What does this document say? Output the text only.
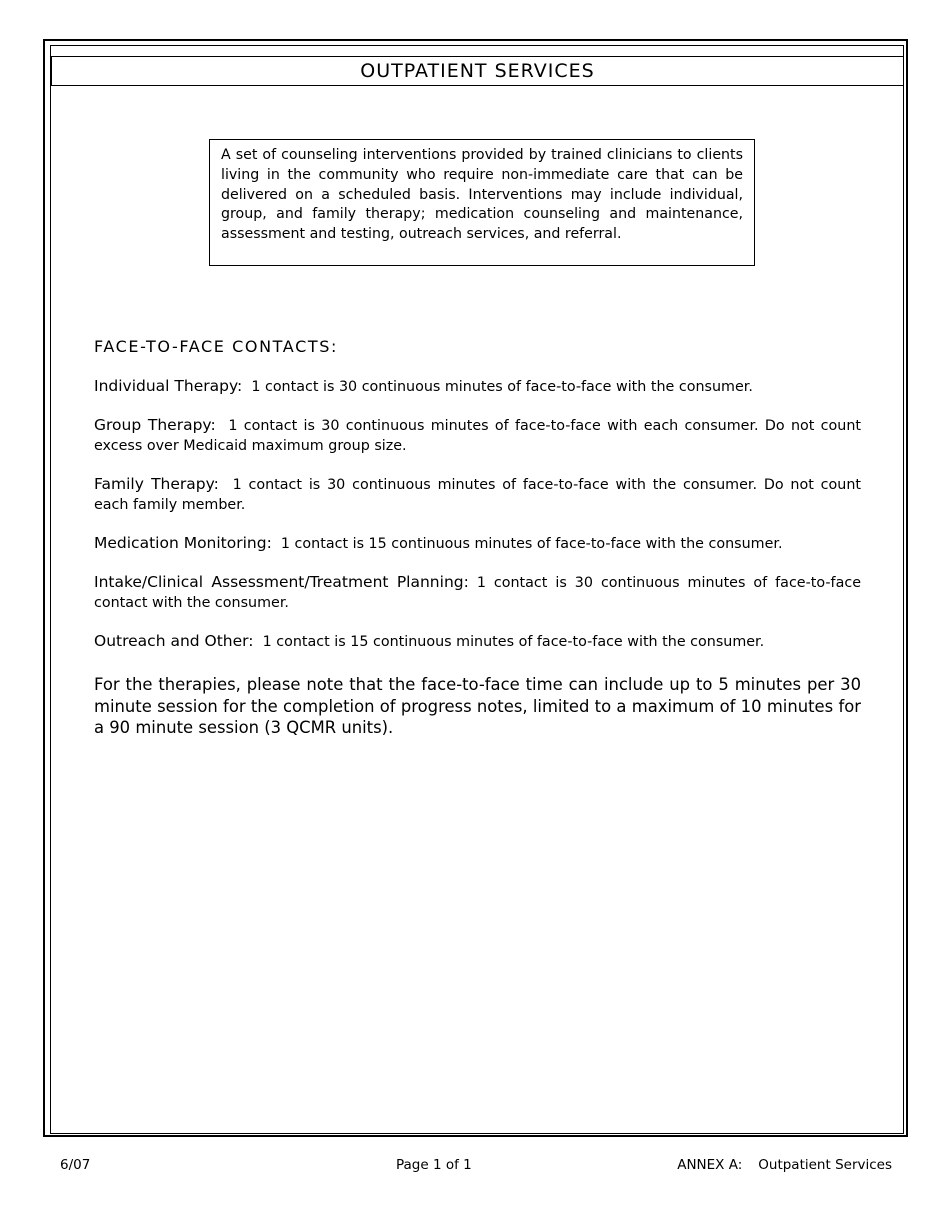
OUTPATIENT SERVICES
A set of counseling interventions provided by trained clinicians to clients living in the community who require non-immediate care that can be delivered on a scheduled basis. Interventions may include individual, group, and family therapy; medication counseling and maintenance, assessment and testing, outreach services, and referral.
FACE-TO-FACE CONTACTS:
Individual Therapy: 1 contact is 30 continuous minutes of face-to-face with the consumer.
Group Therapy: 1 contact is 30 continuous minutes of face-to-face with each consumer. Do not count excess over Medicaid maximum group size.
Family Therapy: 1 contact is 30 continuous minutes of face-to-face with the consumer. Do not count each family member.
Medication Monitoring: 1 contact is 15 continuous minutes of face-to-face with the consumer.
Intake/Clinical Assessment/Treatment Planning: 1 contact is 30 continuous minutes of face-to-face contact with the consumer.
Outreach and Other: 1 contact is 15 continuous minutes of face-to-face with the consumer.
For the therapies, please note that the face-to-face time can include up to 5 minutes per 30 minute session for the completion of progress notes, limited to a maximum of 10 minutes for a 90 minute session (3 QCMR units).
6/07	Page 1 of 1	ANNEX A: Outpatient Services
